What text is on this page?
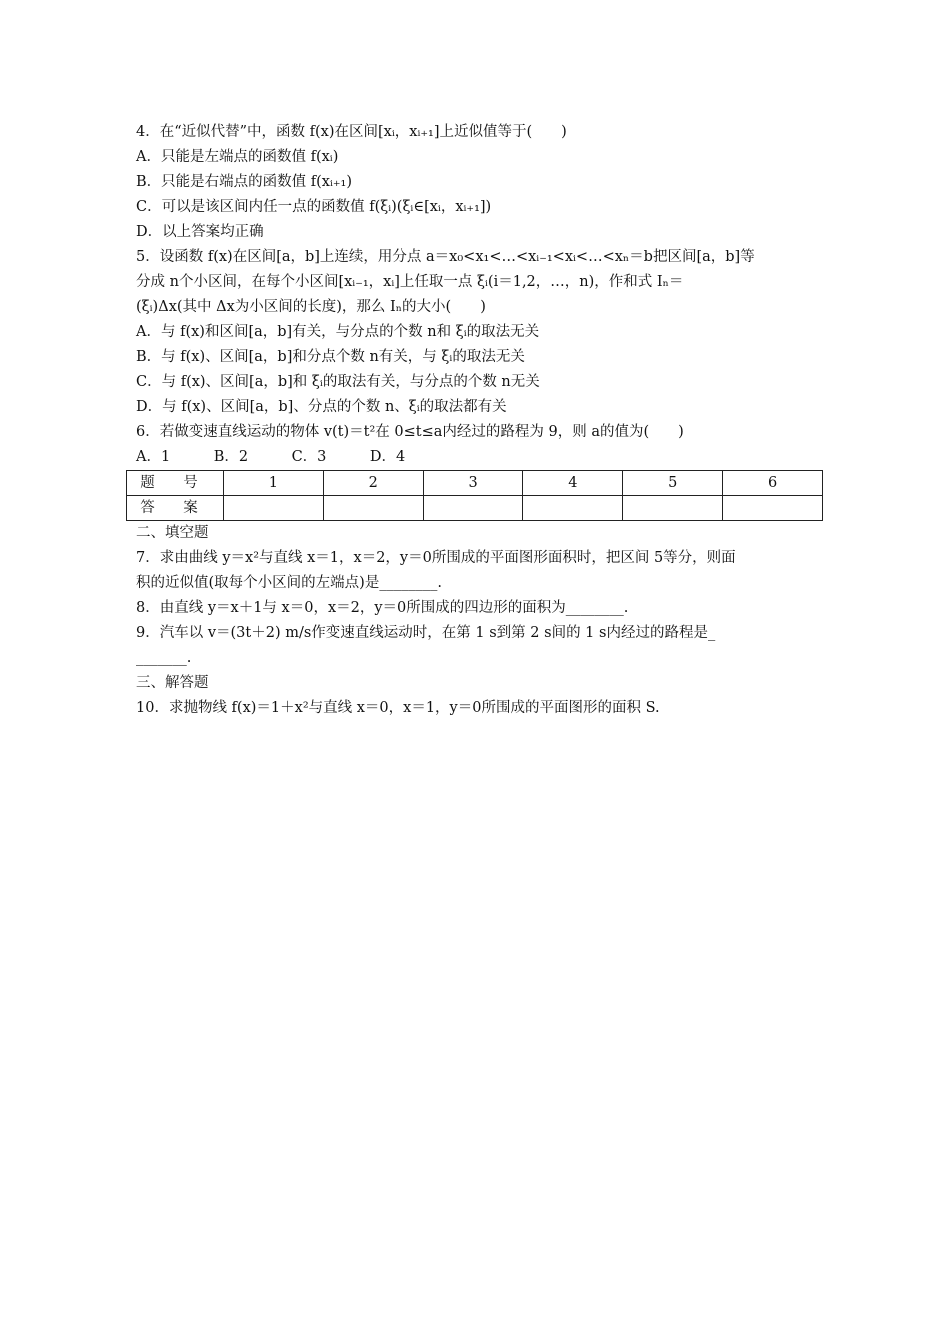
4．在“近似代替”中，函数 f(x)在区间[xᵢ，xᵢ₊₁]上近似值等于(　　)
A．只能是左端点的函数值 f(xᵢ)
B．只能是右端点的函数值 f(xᵢ₊₁)
C．可以是该区间内任一点的函数值 f(ξᵢ)(ξᵢ∈[xᵢ，xᵢ₊₁])
D．以上答案均正确
5．设函数 f(x)在区间[a，b]上连续，用分点 a＝x₀<x₁<…<xᵢ₋₁<xᵢ<…<xₙ＝b把区间[a，b]等
分成 n个小区间，在每个小区间[xᵢ₋₁，xᵢ]上任取一点 ξᵢ(i＝1,2，…，n)，作和式 Iₙ＝
(ξᵢ)Δx(其中 Δx为小区间的长度)，那么 Iₙ的大小(　　)
A．与 f(x)和区间[a，b]有关，与分点的个数 n和 ξᵢ的取法无关
B．与 f(x)、区间[a，b]和分点个数 n有关，与 ξᵢ的取法无关
C．与 f(x)、区间[a，b]和 ξᵢ的取法有关，与分点的个数 n无关
D．与 f(x)、区间[a，b]、分点的个数 n、ξᵢ的取法都有关
6．若做变速直线运动的物体 v(t)＝t²在 0≤t≤a内经过的路程为 9，则 a的值为(　　)
A．1　　　B．2　　　C．3　　　D．4
题 号	1	2	3	4	5	6
答 案						
二、填空题
7．求由曲线 y＝x²与直线 x＝1，x＝2，y＝0所围成的平面图形面积时，把区间 5等分，则面
积的近似值(取每个小区间的左端点)是________.
8．由直线 y＝x＋1与 x＝0，x＝2，y＝0所围成的四边形的面积为________.
9．汽车以 v＝(3t＋2) m/s作变速直线运动时，在第 1 s到第 2 s间的 1 s内经过的路程是_
_______.
三、解答题
10．求抛物线 f(x)＝1＋x²与直线 x＝0，x＝1，y＝0所围成的平面图形的面积 S.
